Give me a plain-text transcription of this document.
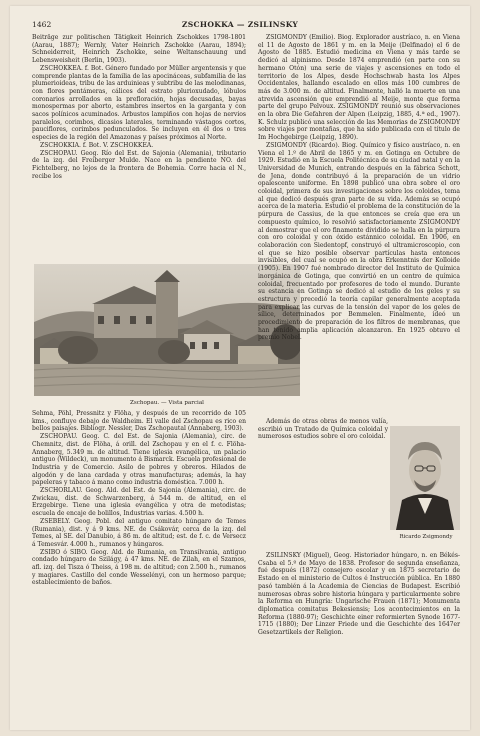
1462	ZSCHOKKA — ZSILINSKY

Beiträge zur politischen Tätigkeit Heinrich Zschokkes 1798-1801 (Aarau, 1887); Wernly, Vater Heinrich Zschokke (Aarau, 1894); Schneiderreit, Heinrich Zschokke, seine Weltanschauung und Lebensweisheit (Berlin, 1903).

ZSCHOKKEA. f. Bot. Género fundado por Müller argentensis y que comprende plantas de la familia de las apocináceas, subfamilia de las plumerioideas, tribu de las arduinieas y subtribu de las melodinanas, con flores pentámeras, cálices del estrato plurioxudado, lóbulos coronarios arrollados en la prefloración, hojas decusadas, bayas monospermas por aborto, estambres insertos en la garganta y con sacos polínicos acuminados. Arbustos lampiños con hojas de nervios paralelos, corimbos, dicasios laterales, terminando vástagos cortos, pauciflores, corimbos pedunculados. Se incluyen en él dos o tres especies de la región del Amazonas y países próximos al Norte.

ZSCHOKKIA. f. Bot. V. ZSCHOKKEA.

ZSCHOPAU. Geog. Río del Est. de Sajonia (Alemania), tributario de la izq. del Freiberger Mulde. Nace en la pendiente NO. del Fichtelberg, no lejos de la frontera de Bohemia. Corre hacia el N., recibe los

Zschopau. — Vista parcial

Sehma, Pöhl, Pressnitz y Flöha, y después de un recorrido de 105 kms., confluye debajo de Waldheim. El valle del Zschopau es rico en bellos paisajes. Bibliogr. Nessler, Das Zschopautal (Annaberg, 1903).

ZSCHOPAU. Geog. C. del Est. de Sajonia (Alemania), circ. de Chemnitz, dist. de Flöha, á orill. del Zschopau y en el f. c. Flöha-Annaberg, 5.349 m. de altitud. Tiene iglesia evangélica, un palacio antiguo (Wildeck), un monumento á Bismarck. Escuela profesional de Industria y de Comercio. Asilo de pobres y obreros. Hilados de algodón y de lana cardada y otras manufacturas; además, la hay papeleras y tabaco á mano como industria doméstica. 7.000 h.

ZSCHORLAU. Geog. Ald. del Est. de Sajonia (Alemania), circ. de Zwickau, dist. de Schwarzenberg, á 544 m. de altitud, en el Erzgebirge. Tiene una iglesia evangélica y otra de metodistas; escuela de encaje de bolillos, Industrias varias. 4.500 h.

ZSEBELY. Geog. Pobl. del antiguo comitato húngaro de Temes (Rumania), dist. y á 9 kms. NE. de Csákovár, cerca de la izq. del Temes, al SE. del Danubio, á 86 m. de altitud; est. de f. c. de Versecz á Temesvár. 4.000 h., rumanos y húngaros.

ZSIBO ó SIBO. Geog. Ald. de Rumania, en Transilvania, antiguo condado húngaro de Szilágy, á 47 kms. NE. de Zilah, en el Szamos, afl. izq. del Tisza ó Theiss, á 198 m. de altitud; con 2.500 h., rumanos y magiares. Castillo del conde Wesselényi, con un hermoso parque; establecimiento de baños.

ZSIGMONDY (Emilio). Biog. Explorador austríaco, n. en Viena el 11 de Agosto de 1861 y m. en la Meije (Delfinado) el 6 de Agosto de 1885. Estudió medicina en Viena y más tarde se dedicó al alpinismo. Desde 1874 emprendió (en parte con su hermano Otón) una serie de viajes y ascensiones en todo el territorio de los Alpes, desde Hochschwab hasta los Alpes Occidentales, hallando escalado en ellos más 100 cumbres de más de 3.000 m. de altitud. Finalmente, halló la muerte en una atrevida ascensión que emprendió al Meije, monte que forma parte del grupo Pelvoux. ZSIGMONDY reunió sus observaciones en la obra Die Gefahren der Alpen (Leipzig, 1885, 4.ª ed., 1907). K. Schulz publicó una selección de las Memorias de ZSIGMONDY sobre viajes por montañas, que ha sido publicada con el título de Im Hochgebirge (Leipzig, 1890).

ZSIGMONDY (Ricardo). Biog. Químico y físico austríaco, n. en Viena el 1.º de Abril de 1865 y m. en Gotinga en Octubre de 1929. Estudió en la Escuela Politécnica de su ciudad natal y en la Universidad de Munich, entrando después en la fábrica Schott, de Jena, donde contribuyó á la preparación de un vidrio opalescente uniforme. En 1898 publicó una obra sobre el oro coloidal, primera de sus investigaciones sobre los coloides, tema al que dedicó después gran parte de su vida. Además se ocupó acerca de la materia. Estudió el problema de la constitución de la púrpura de Cassius, de la que entonces se creía que era un compuesto químico, lo resolvió satisfactoriamente ZSIGMONDY al demostrar que el oro finamente dividido se halla en la púrpura con oro coloidal y con óxido estánnico coloidal. En 1906, en colaboración con Siedentopf, construyó el ultramicroscopio, con el que se hizo posible observar partículas hasta entonces invisibles, del cual se ocupó en la obra Erkenntnis der Kolloide (1905). En 1907 fué nombrado director del Instituto de Química inorgánica de Gotinga, que convirtió en un centro de química coloidal, frecuentado por profesores de todo el mundo. Durante su estancia en Gotinga se dedicó al estudio de los geles y su estructura y precedió la teoría capilar generalmente aceptada para explicar las curvas de la tensión del vapor de los geles de sílice, determinados por Bemmelen. Finalmente, ideó un procedimiento de preparación de los filtros de membranas, que han tenido amplia aplicación alcanzaron. En 1925 obtuvo el premio Nobel.

Además de otras obras de menos valía, escribió un Tratado de Química coloidal y numerosos estudios sobre el oro coloidal.

Ricardo Zsigmondy

ZSILINSKY (Miguel), Geog. Historiador húngaro, n. en Békés-Csaba el 5.º de Mayo de 1838. Profesor de segunda enseñanza, fué después (1872) consejero escolar y en 1875 secretario de Estado en el ministerio de Cultos é Instrucción pública. En 1880 pasó también á la Academia de Ciencias de Budapest. Escribió numerosas obras sobre historia húngara y particularmente sobre la Reforma en Hungría: Ungarische Frauen (1871); Monumenta diplomatica comitatus Bekesiensis; Los acontecimientos en la Reforma (1880-97); Geschichte einer reformierten Synode 1677-1715 (1880); Der Linzer Friede und die Geschichte des 1647er Gesetzartikels der Religion.
